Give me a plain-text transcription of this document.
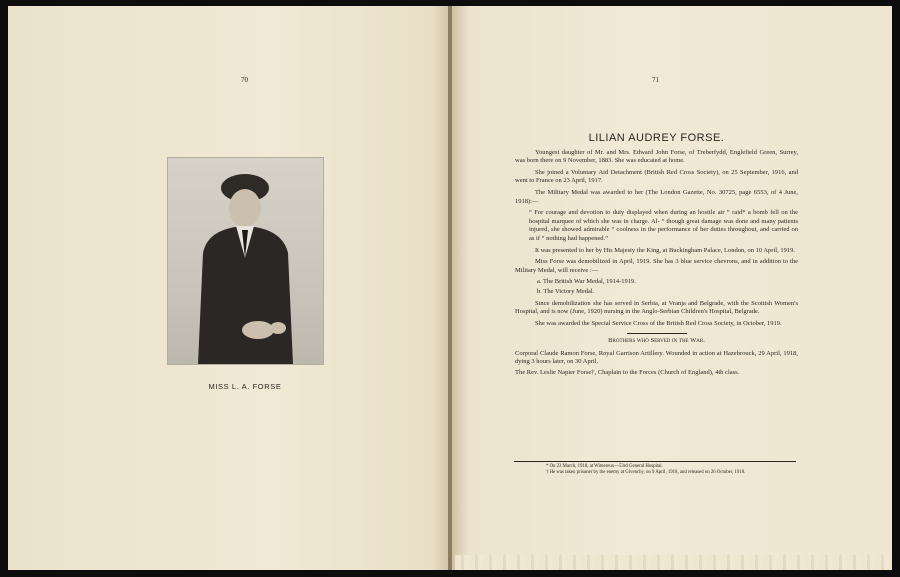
70
MISS L. A. FORSE
71
LILIAN AUDREY FORSE.
Youngest daughter of Mr. and Mrs. Edward John Forse, of Treberfydd, Englefield Green, Surrey, was born there on 9 November, 1883. She was educated at home.
She joined a Voluntary Aid Detachment (British Red Cross Society), on 25 September, 1916, and went to France on 23 April, 1917.
The Military Medal was awarded to her (The London Gazette, No. 30725, page 6553, of 4 June, 1918):—
“ For courage and devotion to duty displayed when during an hostile air “ raid* a bomb fell on the hospital marquee of which she was in charge. Al- “ though great damage was done and many patients injured, she showed admirable “ coolness in the performance of her duties throughout, and carried on as if “ nothing had happened.”
It was presented to her by His Majesty the King, at Buckingham Palace, London, on 10 April, 1919.
Miss Forse was demobilized in April, 1919. She has 3 blue service chevrons, and in addition to the Military Medal, will receive :—
a. The British War Medal, 1914-1919.
b. The Victory Medal.
Since demobilization she has served in Serbia, at Vranja and Belgrade, with the Scottish Women's Hospital, and is now (June, 1920) nursing in the Anglo-Serbian Children's Hospital, Belgrade.
She was awarded the Special Service Cross of the British Red Cross Society, in October, 1919.
Brothers who Served in the War.
Corporal Claude Ramon Forse, Royal Garrison Artillery. Wounded in action at Hazebrouck, 29 April, 1918, dying 3 hours later, on 30 April.
The Rev. Leslie Napier Forse†, Chaplain to the Forces (Church of England), 4th class.
* On 23 March, 1918, at Wimereux—53rd General Hospital.
† He was taken prisoner by the enemy at Givenchy, on 9 April, 1918, and released on 26 October, 1918.
